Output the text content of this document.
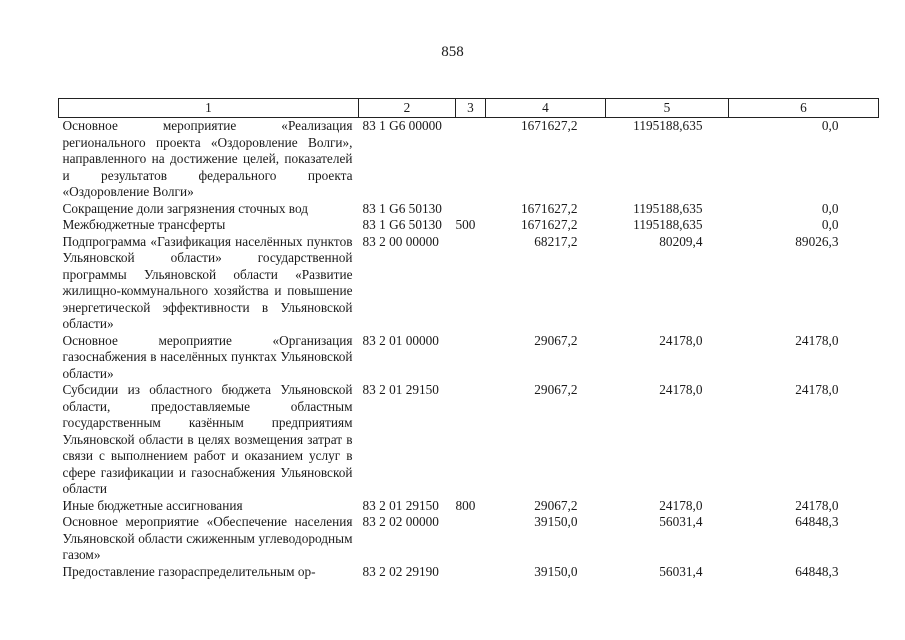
858
1	2	3	4	5	6
Основное мероприятие «Реализация регионального проекта «Оздоровление Волги», направленного на достижение целей, показателей и результатов федерального проекта «Оздоровление Волги»	83 1 G6 00000		1671627,2	1195188,635	0,0
Сокращение доли загрязнения сточных вод	83 1 G6 50130		1671627,2	1195188,635	0,0
Межбюджетные трансферты	83 1 G6 50130	500	1671627,2	1195188,635	0,0
Подпрограмма «Газификация населённых пунктов Ульяновской области» государственной программы Ульяновской области «Развитие жилищно-коммунального хозяйства и повышение энергетической эффективности в Ульяновской области»	83 2 00 00000		68217,2	80209,4	89026,3
Основное мероприятие «Организация газоснабжения в населённых пунктах Ульяновской области»	83 2 01 00000		29067,2	24178,0	24178,0
Субсидии из областного бюджета Ульяновской области, предоставляемые областным государственным казённым предприятиям Ульяновской области в целях возмещения затрат в связи с выполнением работ и оказанием услуг в сфере газификации и газоснабжения Ульяновской области	83 2 01 29150		29067,2	24178,0	24178,0
Иные бюджетные ассигнования	83 2 01 29150	800	29067,2	24178,0	24178,0
Основное мероприятие «Обеспечение населения Ульяновской области сжиженным углеводородным газом»	83 2 02 00000		39150,0	56031,4	64848,3
Предоставление газораспределительным ор-	83 2 02 29190		39150,0	56031,4	64848,3
